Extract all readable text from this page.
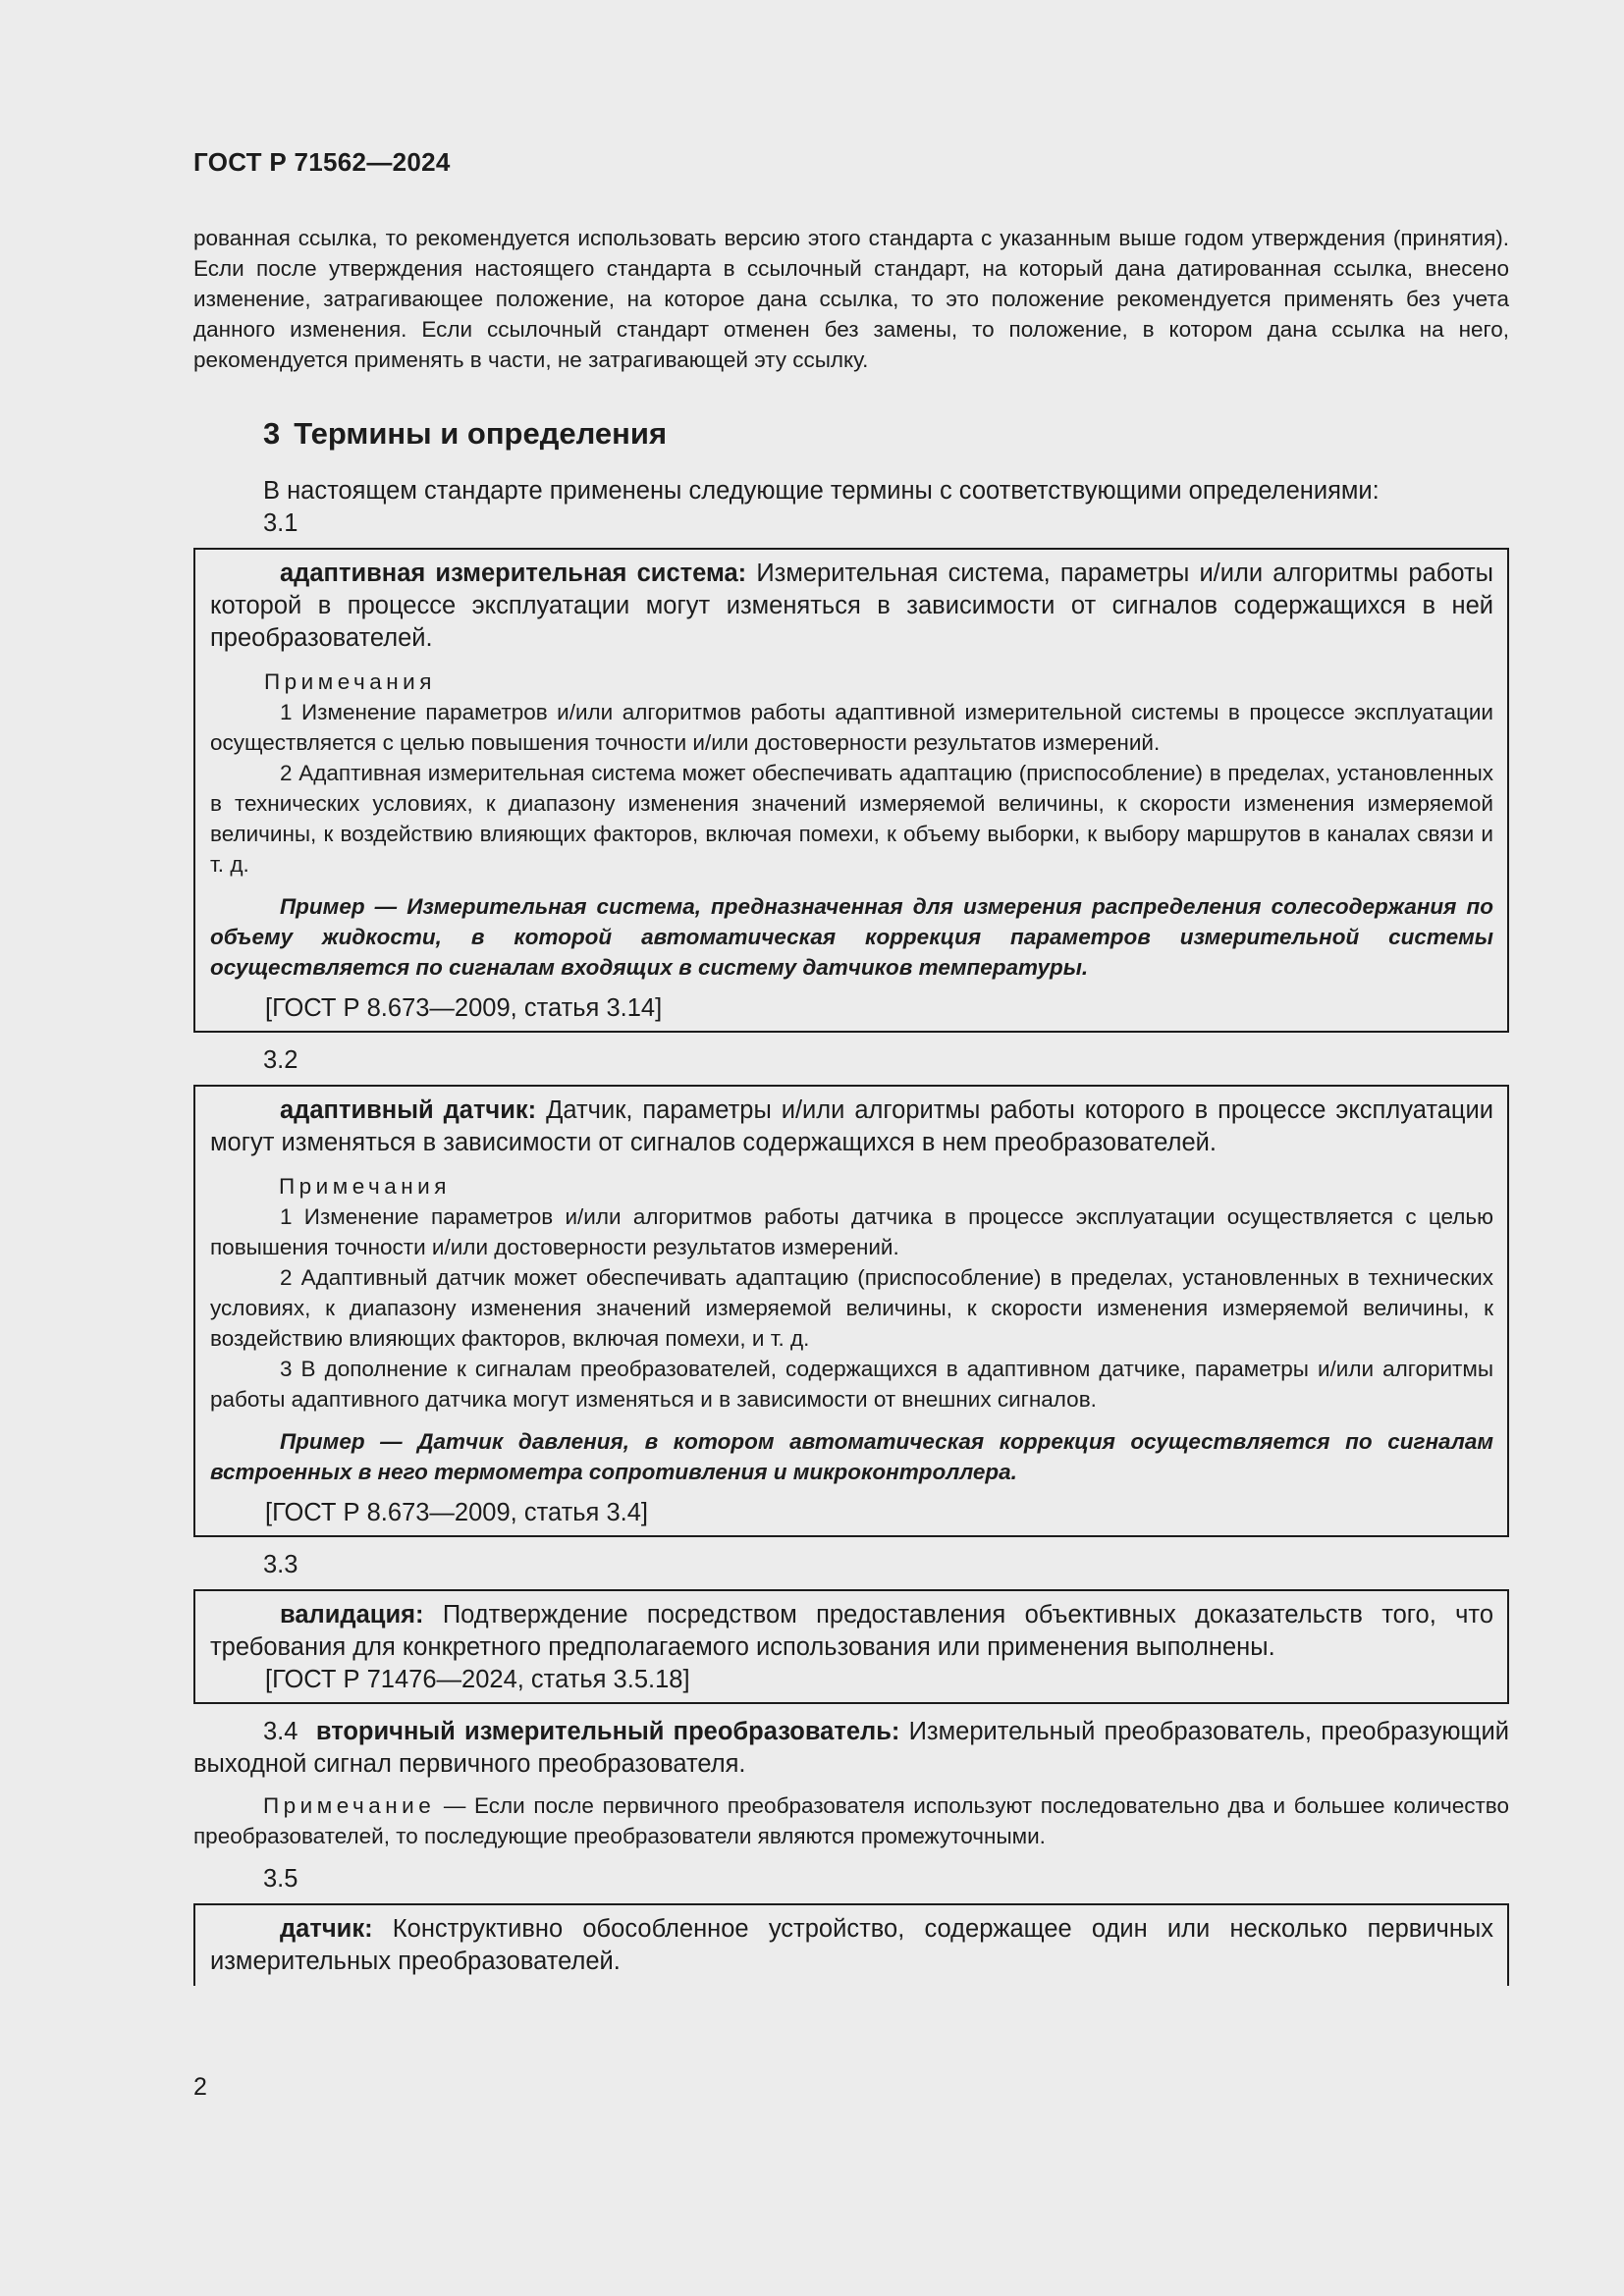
ГОСТ Р 71562—2024

рованная ссылка, то рекомендуется использовать версию этого стандарта с указанным выше годом утверждения (принятия). Если после утверждения настоящего стандарта в ссылочный стандарт, на который дана датированная ссылка, внесено изменение, затрагивающее положение, на которое дана ссылка, то это положение рекомендуется применять без учета данного изменения. Если ссылочный стандарт отменен без замены, то положение, в котором дана ссылка на него, рекомендуется применять в части, не затрагивающей эту ссылку.

3 Термины и определения

В настоящем стандарте применены следующие термины с соответствующими определениями:

3.1

адаптивная измерительная система: Измерительная система, параметры и/или алгоритмы работы которой в процессе эксплуатации могут изменяться в зависимости от сигналов содержащихся в ней преобразователей.

Примечания

1 Изменение параметров и/или алгоритмов работы адаптивной измерительной системы в процессе эксплуатации осуществляется с целью повышения точности и/или достоверности результатов измерений.

2 Адаптивная измерительная система может обеспечивать адаптацию (приспособление) в пределах, установленных в технических условиях, к диапазону изменения значений измеряемой величины, к скорости изменения измеряемой величины, к воздействию влияющих факторов, включая помехи, к объему выборки, к выбору маршрутов в каналах связи и т. д.

Пример — Измерительная система, предназначенная для измерения распределения солесодержания по объему жидкости, в которой автоматическая коррекция параметров измерительной системы осуществляется по сигналам входящих в систему датчиков температуры.

[ГОСТ Р 8.673—2009, статья 3.14]

3.2

адаптивный датчик: Датчик, параметры и/или алгоритмы работы которого в процессе эксплуатации могут изменяться в зависимости от сигналов содержащихся в нем преобразователей.

Примечания

1 Изменение параметров и/или алгоритмов работы датчика в процессе эксплуатации осуществляется с целью повышения точности и/или достоверности результатов измерений.

2 Адаптивный датчик может обеспечивать адаптацию (приспособление) в пределах, установленных в технических условиях, к диапазону изменения значений измеряемой величины, к скорости изменения измеряемой величины, к воздействию влияющих факторов, включая помехи, и т. д.

3 В дополнение к сигналам преобразователей, содержащихся в адаптивном датчике, параметры и/или алгоритмы работы адаптивного датчика могут изменяться и в зависимости от внешних сигналов.

Пример — Датчик давления, в котором автоматическая коррекция осуществляется по сигналам встроенных в него термометра сопротивления и микроконтроллера.

[ГОСТ Р 8.673—2009, статья 3.4]

3.3

валидация: Подтверждение посредством предоставления объективных доказательств того, что требования для конкретного предполагаемого использования или применения выполнены.

[ГОСТ Р 71476—2024, статья 3.5.18]

3.4 вторичный измерительный преобразователь: Измерительный преобразователь, преобразующий выходной сигнал первичного преобразователя.

Примечание — Если после первичного преобразователя используют последовательно два и большее количество преобразователей, то последующие преобразователи являются промежуточными.

3.5

датчик: Конструктивно обособленное устройство, содержащее один или несколько первичных измерительных преобразователей.

2
